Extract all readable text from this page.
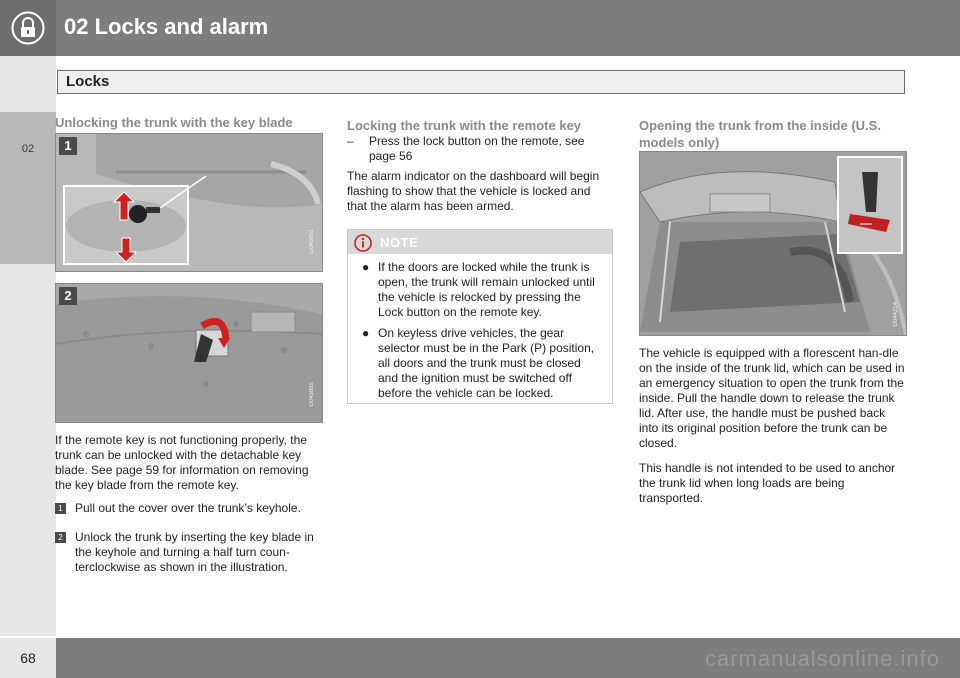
02 Locks and alarm
02
Locks

Unlocking the trunk with the key blade

1
G045891
2
G045892

If the remote key is not functioning properly, the trunk can be unlocked with the detachable key blade. See page 59 for information on removing the key blade from the remote key.

1 Pull out the cover over the trunk’s keyhole.
2 Unlock the trunk by inserting the key blade in the keyhole and turning a half turn coun-terclockwise as shown in the illustration.

Locking the trunk with the remote key

– Press the lock button on the remote, see page 56

The alarm indicator on the dashboard will begin flashing to show that the vehicle is locked and that the alarm has been armed.

NOTE
● If the doors are locked while the trunk is open, the trunk will remain unlocked until the vehicle is relocked by pressing the Lock button on the remote key.
● On keyless drive vehicles, the gear selector must be in the Park (P) position, all doors and the trunk must be closed and the ignition must be switched off before the vehicle can be locked.

Opening the trunk from the inside (U.S. models only)

G044214

The vehicle is equipped with a florescent han-dle on the inside of the trunk lid, which can be used in an emergency situation to open the trunk from the inside. Pull the handle down to release the trunk lid. After use, the handle must be pushed back into its original position before the trunk can be closed.

This handle is not intended to be used to anchor the trunk lid when long loads are being transported.

68	carmanualsonline.info
